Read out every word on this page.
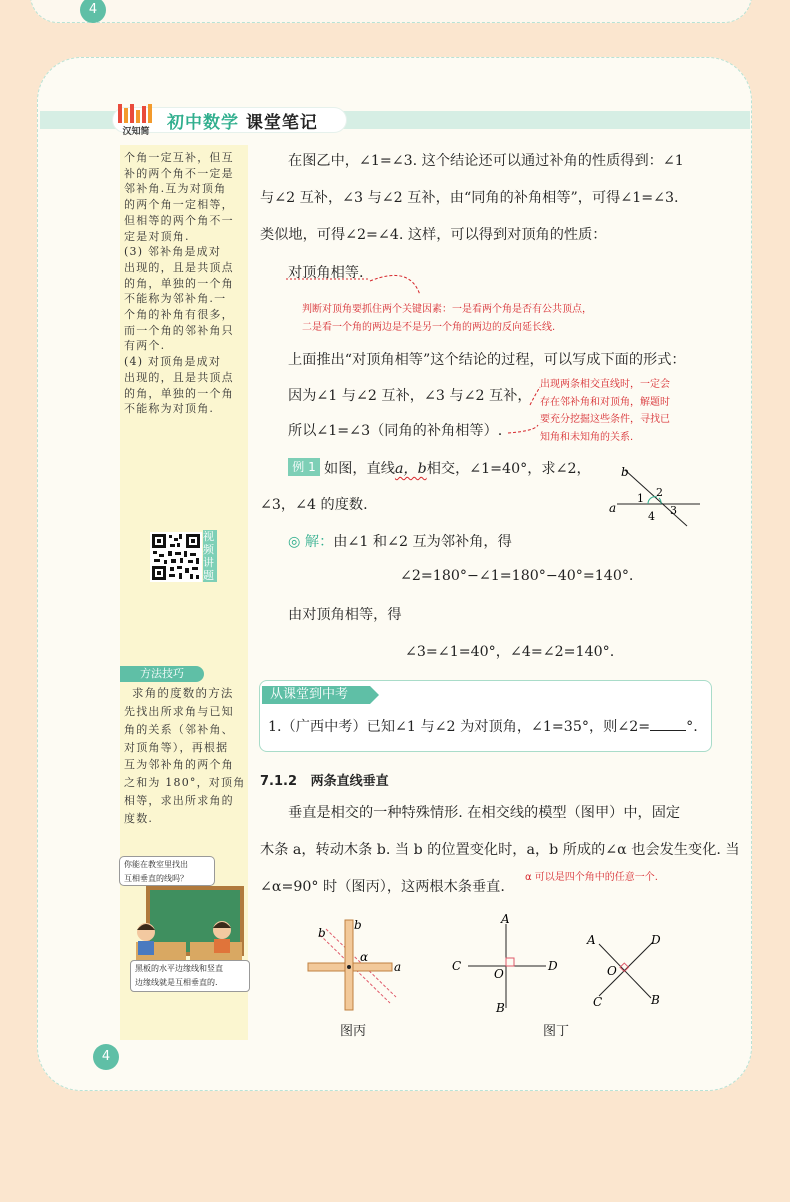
4
汉知简	初中数学 课堂笔记
个角一定互补，但互
补的两个角不一定是
邻补角.互为对顶角
的两个角一定相等，
但相等的两个角不一
定是对顶角.
(3) 邻补角是成对
出现的，且是共顶点
的角，单独的一个角
不能称为邻补角.一
个角的补角有很多，
而一个角的邻补角只
有两个.
(4) 对顶角是成对
出现的，且是共顶点
的角，单独的一个角
不能称为对顶角.
视
频
讲
题
方法技巧
求角的度数的方法
先找出所求角与已知
角的关系（邻补角、
对顶角等），再根据
互为邻补角的两个角
之和为 180°，对顶角
相等，求出所求角的
度数.
你能在教室里找出
互相垂直的线吗？
黑板的水平边缘线和竖直
边缘线就是互相垂直的.
在图乙中，∠1=∠3. 这个结论还可以通过补角的性质得到：∠1
与∠2 互补，∠3 与∠2 互补，由“同角的补角相等”，可得∠1=∠3.
类似地，可得∠2=∠4. 这样，可以得到对顶角的性质：
对顶角相等.
判断对顶角要抓住两个关键因素：一是看两个角是否有公共顶点，
二是看一个角的两边是不是另一个角的两边的反向延长线.
上面推出“对顶角相等”这个结论的过程，可以写成下面的形式：
因为∠1 与∠2 互补，∠3 与∠2 互补，
所以∠1=∠3（同角的补角相等）.
出现两条相交直线时，一定会
存在邻补角和对顶角，解题时
要充分挖掘这些条件，寻找已
知角和未知角的关系.
例 1 如图，直线a，b相交，∠1=40°，求∠2，
∠3，∠4 的度数.
b
a
1 2
3
4
◎ 解：由∠1 和∠2 互为邻补角，得
∠2=180°−∠1=180°−40°=140°.
由对顶角相等，得
∠3=∠1=40°，∠4=∠2=140°.
从课堂到中考
1.（广西中考）已知∠1 与∠2 为对顶角，∠1=35°，则∠2=	°.
7.1.2 两条直线垂直
垂直是相交的一种特殊情形. 在相交线的模型（图甲）中，固定
木条 a，转动木条 b. 当 b 的位置变化时，a，b 所成的∠α 也会发生变化. 当
∠α=90° 时（图丙），这两根木条垂直.
α 可以是四个角中的任意一个.
b
b
α
a
图丙
A
B
C	D
O
图丁
A
B
C
D
O
4
